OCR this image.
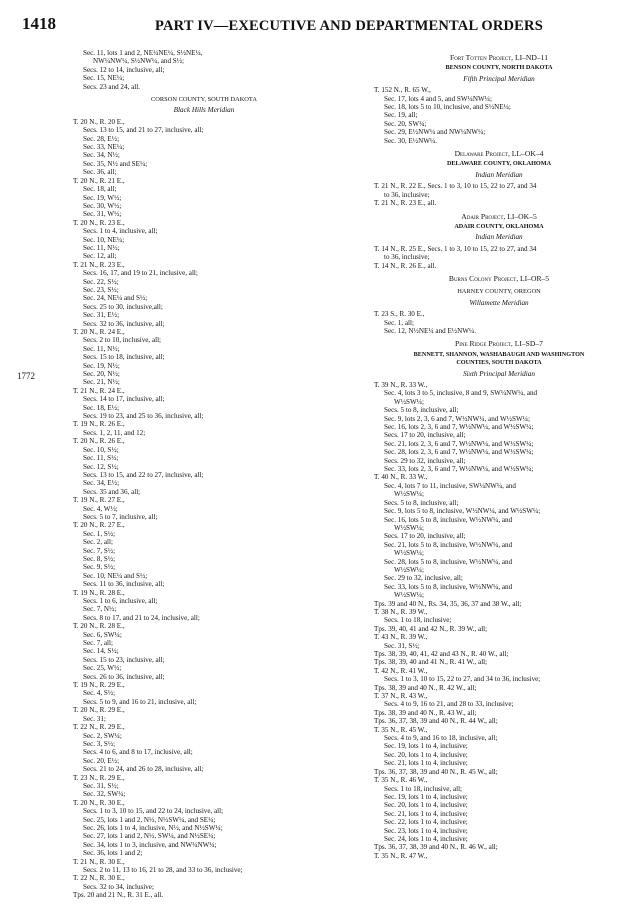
1418	PART IV—EXECUTIVE AND DEPARTMENTAL ORDERS
1772
Sec. 11, lots 1 and 2, NE¼NE¼, S½NE¼,
NW¼NW¼, S½NW¼, and S½;
Secs. 12 to 14, inclusive, all;
Sec. 15, NE¼;
Secs. 23 and 24, all.
CORSON COUNTY, SOUTH DAKOTA
Black Hills Meridian
T. 20 N., R. 20 E.,
Secs. 13 to 15, and 21 to 27, inclusive, all;
Sec. 28, E½;
Sec. 33, NE¼;
Sec. 34, N½;
Sec. 35, N½ and SE¼;
Sec. 36, all;
T. 20 N., R. 21 E.,
Sec. 18, all;
Sec. 19, W½;
Sec. 30, W½;
Sec. 31, W½;
T. 20 N., R. 23 E.,
Secs. 1 to 4, inclusive, all;
Sec. 10, NE¼;
Sec. 11, N½;
Sec. 12, all;
T. 21 N., R. 23 E.,
Secs. 16, 17, and 19 to 21, inclusive, all;
Sec. 22, S½;
Sec. 23, S½;
Sec. 24, NE¼ and S½;
Secs. 25 to 30, inclusive,all;
Sec. 31, E½;
Secs. 32 to 36, inclusive, all;
T. 20 N., R. 24 E.,
Secs. 2 to 10, inclusive, all;
Sec. 11, N½;
Secs. 15 to 18, inclusive, all;
Sec. 19, N½;
Sec. 20, N½;
Sec. 21, N½;
T. 21 N., R. 24 E.,
Secs. 14 to 17, inclusive, all;
Sec. 18, E½;
Secs. 19 to 23, and 25 to 36, inclusive, all;
T. 19 N., R. 26 E.,
Secs. 1, 2, 11, and 12;
T. 20 N., R. 26 E.,
Sec. 10, S½;
Sec. 11, S½;
Sec. 12, S½;
Secs. 13 to 15, and 22 to 27, inclusive, all;
Sec. 34, E½;
Secs. 35 and 36, all;
T. 19 N., R. 27 E.,
Sec. 4, W½;
Secs. 5 to 7, inclusive, all;
T. 20 N., R. 27 E.,
Sec. 1, S½;
Sec. 2, all;
Sec. 7, S½;
Sec. 8, S½;
Sec. 9, S½;
Sec. 10, NE¼ and S½;
Secs. 11 to 36, inclusive, all;
T. 19 N., R. 28 E.,
Secs. 1 to 6, inclusive, all;
Sec. 7, N½;
Secs. 8 to 17, and 21 to 24, inclusive, all;
T. 20 N., R. 28 E.,
Sec. 6, SW¼;
Sec. 7, all;
Sec. 14, S½;
Secs. 15 to 23, inclusive, all;
Sec. 25, W½;
Secs. 26 to 36, inclusive, all;
T. 19 N., R. 29 E.,
Sec. 4, S½;
Secs. 5 to 9, and 16 to 21, inclusive, all;
T. 20 N., R. 29 E.,
Sec. 31;
T. 22 N., R. 29 E.,
Sec. 2, SW¼;
Sec. 3, S½;
Secs. 4 to 6, and 8 to 17, inclusive, all;
Sec. 20, E½;
Secs. 21 to 24, and 26 to 28, inclusive, all;
T. 23 N., R. 29 E.,
Sec. 31, S½;
Sec. 32, SW¼;
T. 20 N., R. 30 E.,
Secs. 1 to 3, 10 to 15, and 22 to 24, inclusive, all;
Sec. 25, lots 1 and 2, N½, N½SW¼, and SE¼;
Sec. 26, lots 1 to 4, inclusive, N½, and N½SW¼;
Sec. 27, lots 1 and 2, N½, SW¼, and N½SE¼;
Sec. 34, lots 1 to 3, inclusive, and NW¼NW¼;
Sec. 36, lots 1 and 2;
T. 21 N., R. 30 E.,
Secs. 2 to 11, 13 to 16, 21 to 28, and 33 to 36, inclusive;
T. 22 N., R. 30 E.,
Secs. 32 to 34, inclusive;
Tps. 20 and 21 N., R. 31 E., all.
Fort Totten Project, LI–ND–11
BENSON COUNTY, NORTH DAKOTA
Fifth Principal Meridian
T. 152 N., R. 65 W.,
Sec. 17, lots 4 and 5, and SW¼NW¼;
Sec. 18, lots 5 to 10, inclusive, and S½NE¼;
Sec. 19, all;
Sec. 20, SW¼;
Sec. 29, E½NW¼ and NW¼NW¼;
Sec. 30, E½NW¼.
Delaware Project, LL–OK–4
DELAWARE COUNTY, OKLAHOMA
Indian Meridian
T. 21 N., R. 22 E., Secs. 1 to 3, 10 to 15, 22 to 27, and 34
to 36, inclusive;
T. 21 N., R. 23 E., all.
Adair Project, LI–OK–5
ADAIR COUNTY, OKLAHOMA
Indian Meridian
T. 14 N., R. 25 E., Secs. 1 to 3, 10 to 15, 22 to 27, and 34
to 36, inclusive;
T. 14 N., R. 26 E., all.
Burns Colony Project, LI–OR–5
HARNEY COUNTY, OREGON
Willamette Meridian
T. 23 S., R. 30 E.,
Sec. 1, all;
Sec. 12, N½NE¼ and E½NW¼.
Pine Ridge Project, LI–SD–7
BENNETT, SHANNON, WASHABAUGH AND WASHINGTON
COUNTIES, SOUTH DAKOTA
Sixth Principal Meridian
T. 39 N., R. 33 W.,
Sec. 4, lots 3 to 5, inclusive, 8 and 9, SW¼NW¼, and
W½SW¼;
Secs. 5 to 8, inclusive, all;
Sec. 9, lots 2, 3, 6 and 7, W½NW¼, and W½SW¼;
Sec. 16, lots 2, 3, 6 and 7, W½NW¼, and W½SW¼;
Secs. 17 to 20, inclusive, all;
Sec. 21, lots 2, 3, 6 and 7, W½NW¼, and W½SW¼;
Sec. 28, lots 2, 3, 6 and 7, W½NW¼, and W½SW¼;
Secs. 29 to 32, inclusive, all;
Sec. 33, lots 2, 3, 6 and 7, W½NW¼, and W½SW¼;
T. 40 N., R. 33 W.,
Sec. 4, lots 7 to 11, inclusive, SW¼NW¼, and
W½SW¼;
Secs. 5 to 8, inclusive, all;
Sec. 9, lots 5 to 8, inclusive, W½NW¼, and W½SW¼;
Sec. 16, lots 5 to 8, inclusive, W½NW¼, and
W½SW¼;
Secs. 17 to 20, inclusive, all;
Sec. 21, lots 5 to 8, inclusive, W½NW¼, and
W½SW¼;
Sec. 28, lots 5 to 8, inclusive, W½NW¼, and
W½SW¼;
Sec. 29 to 32, inclusive, all;
Sec. 33, lots 5 to 8, inclusive, W½NW¼, and
W½SW¼;
Tps. 39 and 40 N., Rs. 34, 35, 36, 37 and 38 W., all;
T. 38 N., R. 39 W.,
Secs. 1 to 18, inclusive;
Tps. 39, 40, 41 and 42 N., R. 39 W., all;
T. 43 N., R. 39 W.,
Sec. 31, S½;
Tps. 38, 39, 40, 41, 42 and 43 N., R. 40 W., all;
Tps. 38, 39, 40 and 41 N., R. 41 W., all;
T. 42 N., R. 41 W.,
Secs. 1 to 3, 10 to 15, 22 to 27, and 34 to 36, inclusive;
Tps. 38, 39 and 40 N., R. 42 W., all;
T. 37 N., R. 43 W.,
Secs. 4 to 9, 16 to 21, and 28 to 33, inclusive;
Tps. 38, 39 and 40 N., R. 43 W., all;
Tps. 36, 37, 38, 39 and 40 N., R. 44 W., all;
T. 35 N., R. 45 W.,
Secs. 4 to 9, and 16 to 18, inclusive, all;
Sec. 19, lots 1 to 4, inclusive;
Sec. 20, lots 1 to 4, inclusive;
Sec. 21, lots 1 to 4, inclusive;
Tps. 36, 37, 38, 39 and 40 N., R. 45 W., all;
T. 35 N., R. 46 W.,
Secs. 1 to 18, inclusive, all;
Sec. 19, lots 1 to 4, inclusive;
Sec. 20, lots 1 to 4, inclusive;
Sec. 21, lots 1 to 4, inclusive;
Sec. 22, lots 1 to 4, inclusive;
Sec. 23, lots 1 to 4, inclusive;
Sec. 24, lots 1 to 4, inclusive;
Tps. 36, 37, 38, 39 and 40 N., R. 46 W., all;
T. 35 N., R. 47 W.,
